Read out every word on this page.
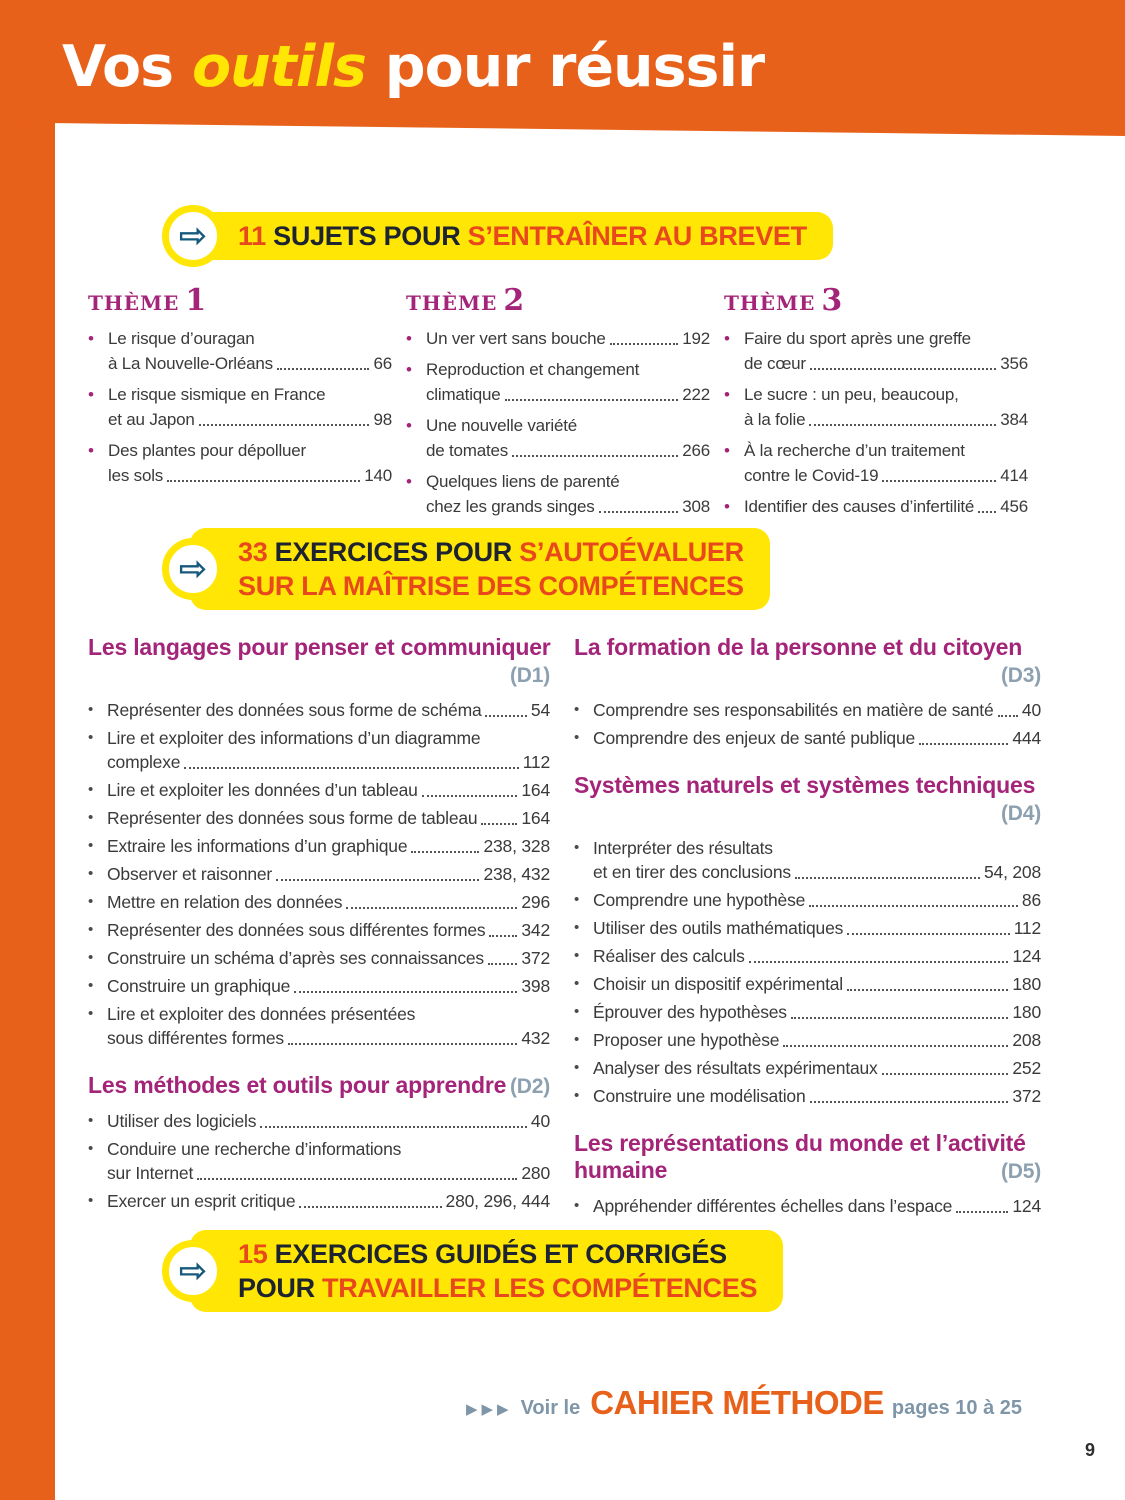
Vos outils pour réussir
11 SUJETS POUR S’ENTRAÎNER AU BREVET
⇨
THÈME 1
• Le risque d’ouragan
à La Nouvelle-Orléans	66
• Le risque sismique en France
et au Japon	98
• Des plantes pour dépolluer
les sols	140
THÈME 2
• Un ver vert sans bouche	192
• Reproduction et changement
climatique	222
• Une nouvelle variété
de tomates	266
• Quelques liens de parenté
chez les grands singes	308
THÈME 3
• Faire du sport après une greffe
de cœur	356
• Le sucre : un peu, beaucoup,
à la folie	384
• À la recherche d’un traitement
contre le Covid-19	414
• Identifier des causes d’infertilité 456
33 EXERCICES POUR S’AUTOÉVALUER
SUR LA MAÎTRISE DES COMPÉTENCES
⇨
Les langages pour penser et communiquer
(D1)
• Représenter des données sous forme de schéma	54
• Lire et exploiter des informations d’un diagramme
complexe	112
• Lire et exploiter les données d’un tableau	164
• Représenter des données sous forme de tableau	164
• Extraire les informations d’un graphique	238, 328
• Observer et raisonner	238, 432
• Mettre en relation des données	296
• Représenter des données sous différentes formes 342
• Construire un schéma d’après ses connaissances 372
• Construire un graphique	398
• Lire et exploiter des données présentées
sous différentes formes	432
Les méthodes et outils pour apprendre (D2)
• Utiliser des logiciels	40
• Conduire une recherche d’informations
sur Internet	280
• Exercer un esprit critique	280, 296, 444
La formation de la personne et du citoyen
(D3)
• Comprendre ses responsabilités en matière de santé 40
• Comprendre des enjeux de santé publique	444
Systèmes naturels et systèmes techniques
(D4)
• Interpréter des résultats
et en tirer des conclusions	54, 208
• Comprendre une hypothèse	86
• Utiliser des outils mathématiques	112
• Réaliser des calculs	124
• Choisir un dispositif expérimental	180
• Éprouver des hypothèses	180
• Proposer une hypothèse	208
• Analyser des résultats expérimentaux	252
• Construire une modélisation	372
Les représentations du monde et l’activité
humaine	(D5)
• Appréhender différentes échelles dans l’espace	124
15 EXERCICES GUIDÉS ET CORRIGÉS
POUR TRAVAILLER LES COMPÉTENCES
⇨
▶▶▶ Voir le CAHIER MÉTHODE pages 10 à 25
9
